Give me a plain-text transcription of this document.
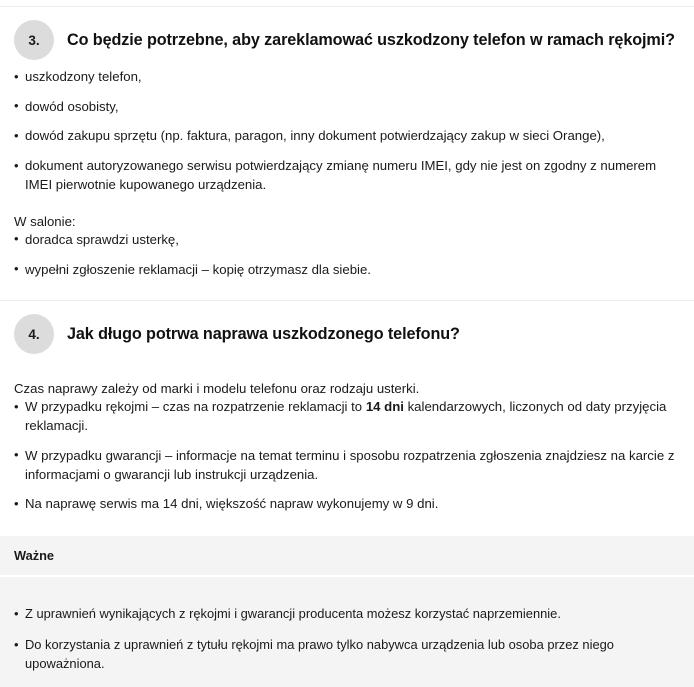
3.	Co będzie potrzebne, aby zareklamować uszkodzony telefon w ramach rękojmi?
• uszkodzony telefon,
• dowód osobisty,
• dowód zakupu sprzętu (np. faktura, paragon, inny dokument potwierdzający zakup w sieci Orange),
• dokument autoryzowanego serwisu potwierdzający zmianę numeru IMEI, gdy nie jest on zgodny z numerem IMEI pierwotnie kupowanego urządzenia.

W salonie:

• doradca sprawdzi usterkę,
• wypełni zgłoszenie reklamacji – kopię otrzymasz dla siebie.
4.	Jak długo potrwa naprawa uszkodzonego telefonu?

Czas naprawy zależy od marki i modelu telefonu oraz rodzaju usterki.

• W przypadku rękojmi – czas na rozpatrzenie reklamacji to 14 dni kalendarzowych, liczonych od daty przyjęcia reklamacji.
• W przypadku gwarancji – informacje na temat terminu i sposobu rozpatrzenia zgłoszenia znajdziesz na karcie z informacjami o gwarancji lub instrukcji urządzenia.
• Na naprawę serwis ma 14 dni, większość napraw wykonujemy w 9 dni.
Ważne
• Z uprawnień wynikających z rękojmi i gwarancji producenta możesz korzystać naprzemiennie.
• Do korzystania z uprawnień z tytułu rękojmi ma prawo tylko nabywca urządzenia lub osoba przez niego upoważniona.
